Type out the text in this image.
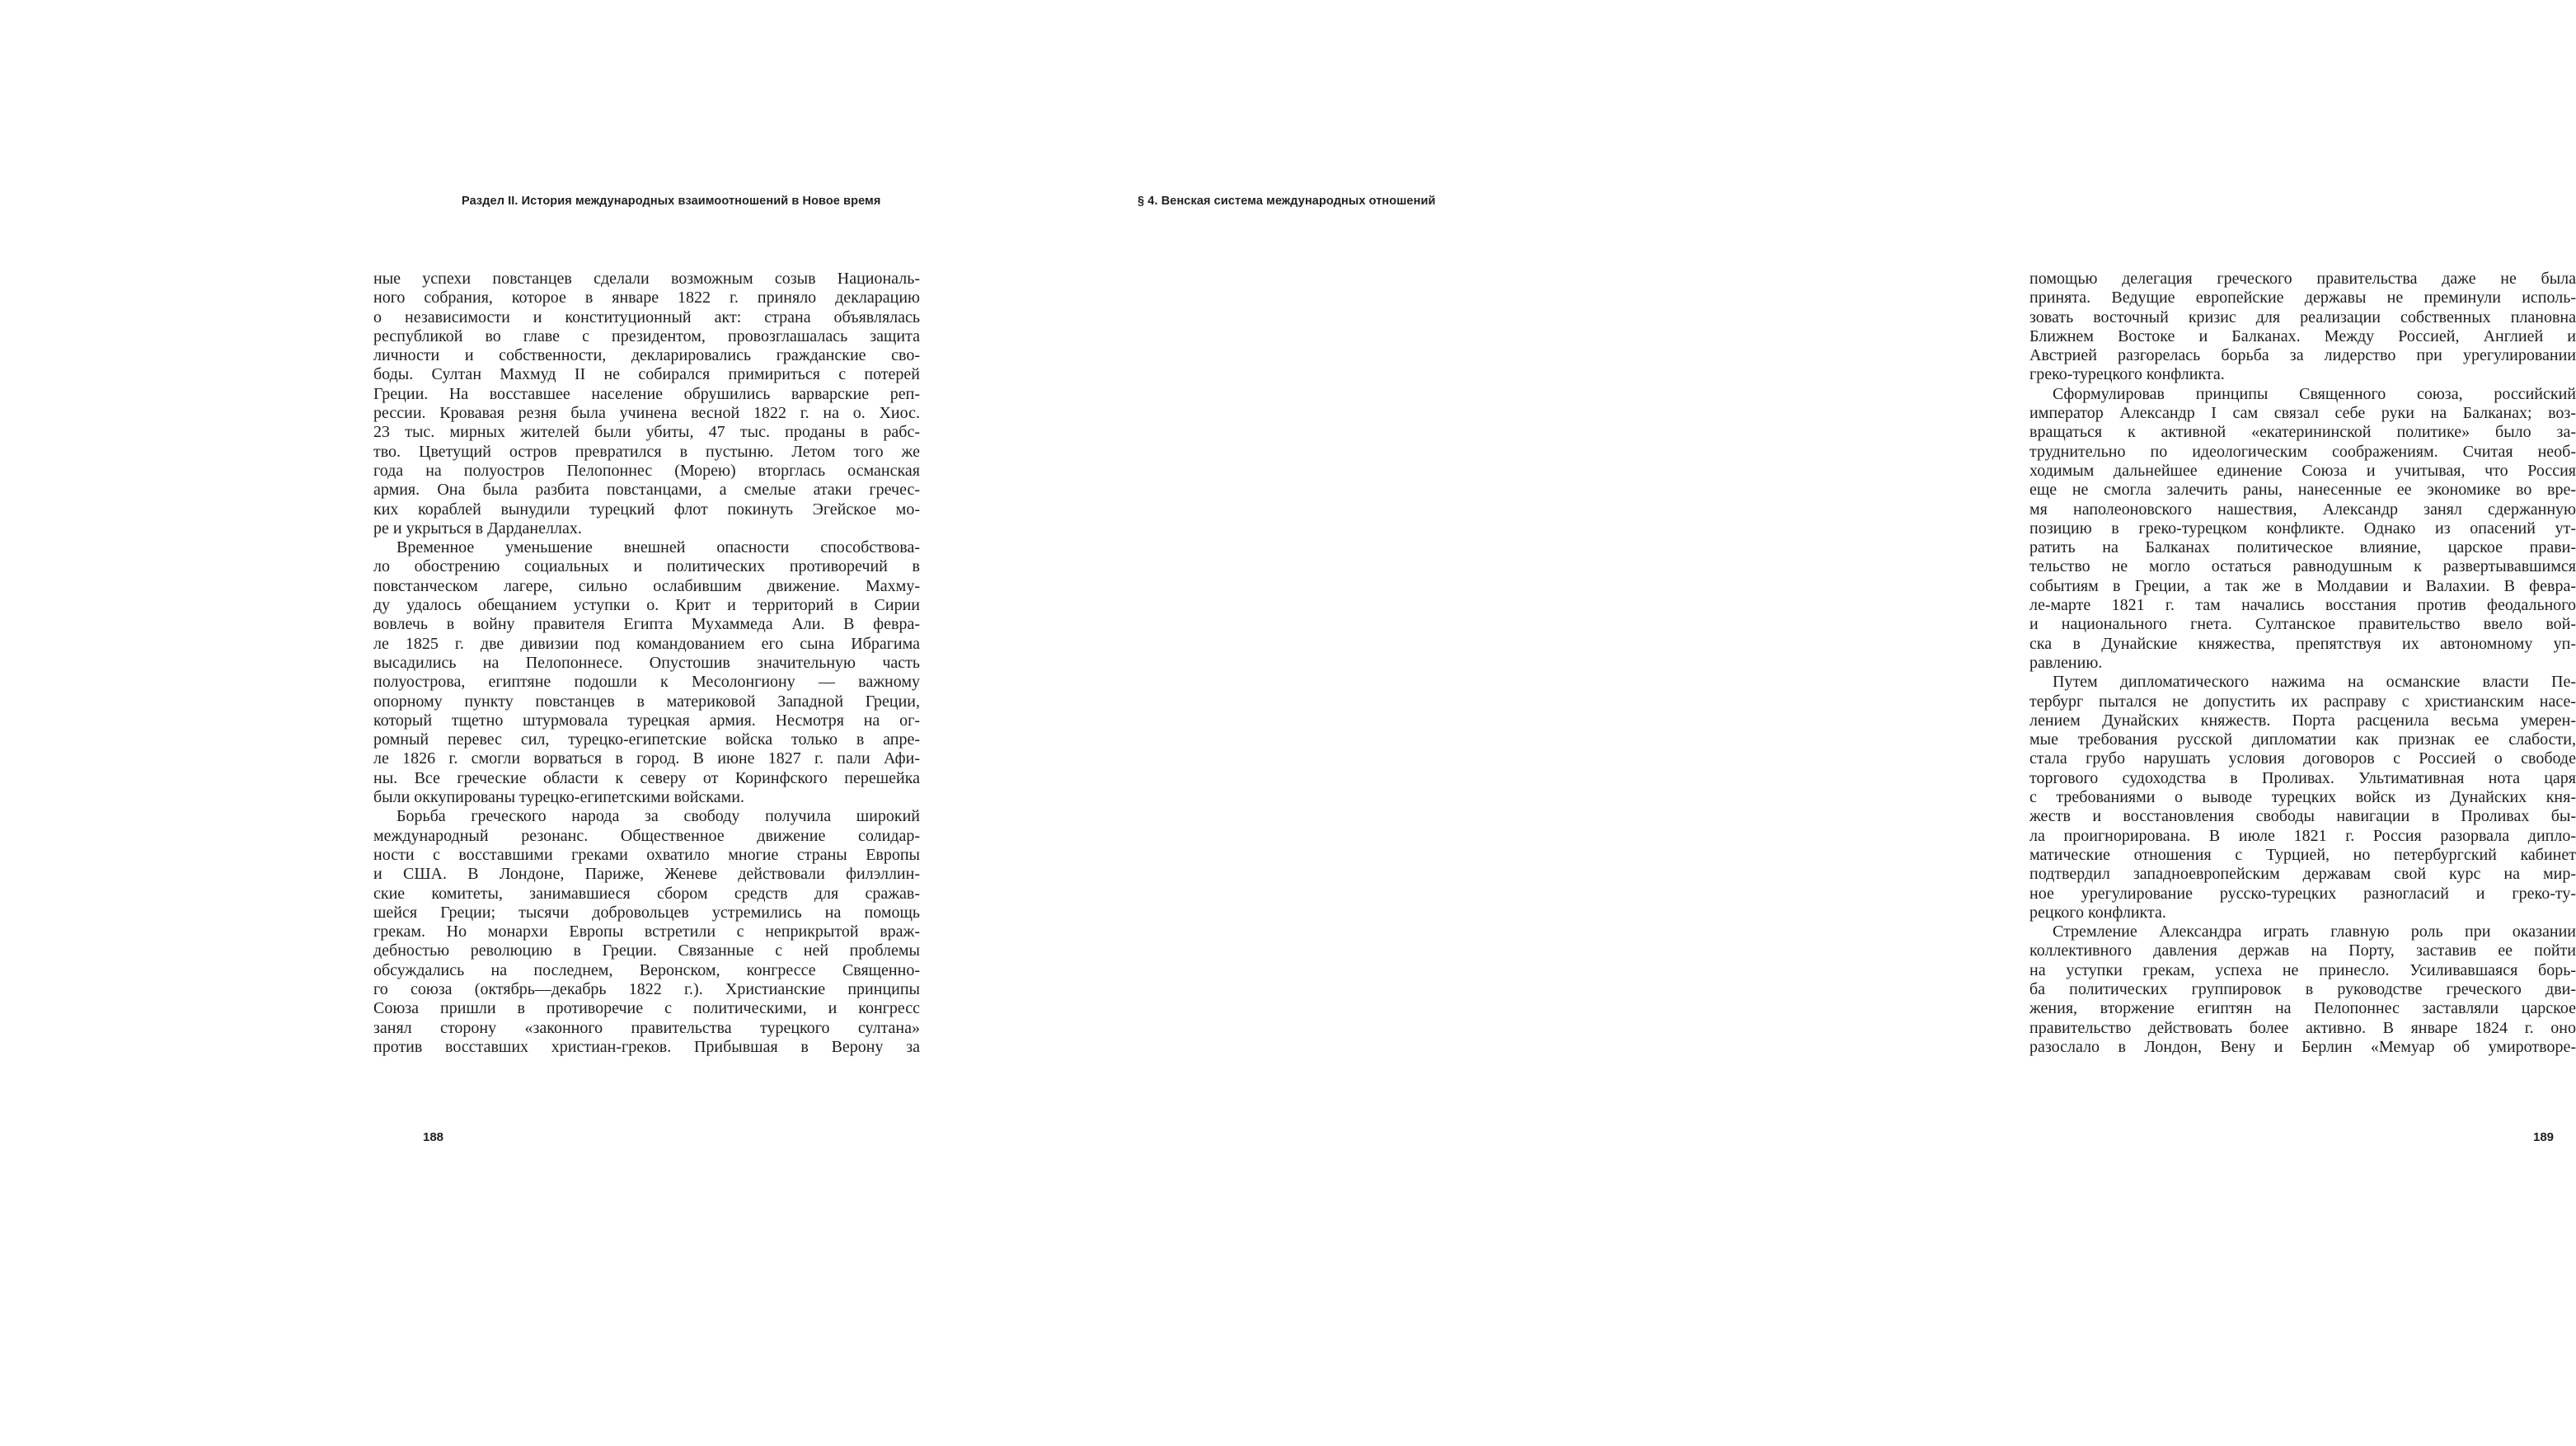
Раздел II. История международных взаимоотношений в Новое время
ные успехи повстанцев сделали возможным созыв Националь-
ного собрания, которое в январе 1822 г. приняло декларацию
о независимости и конституционный акт: страна объявлялась
республикой во главе с президентом, провозглашалась защита
личности и собственности, декларировались гражданские сво-
боды. Султан Махмуд II не собирался примириться с потерей
Греции. На восставшее население обрушились варварские реп-
рессии. Кровавая резня была учинена весной 1822 г. на о. Хиос.
23 тыс. мирных жителей были убиты, 47 тыс. проданы в рабс-
тво. Цветущий остров превратился в пустыню. Летом того же
года на полуостров Пелопоннес (Морею) вторглась османская
армия. Она была разбита повстанцами, а смелые атаки гречес-
ких кораблей вынудили турецкий флот покинуть Эгейское мо-
ре и укрыться в Дарданеллах.
Временное уменьшение внешней опасности способствова-
ло обострению социальных и политических противоречий в
повстанческом лагере, сильно ослабившим движение. Махму-
ду удалось обещанием уступки о. Крит и территорий в Сирии
вовлечь в войну правителя Египта Мухаммеда Али. В февра-
ле 1825 г. две дивизии под командованием его сына Ибрагима
высадились на Пелопоннесе. Опустошив значительную часть
полуострова, египтяне подошли к Месолонгиону — важному
опорному пункту повстанцев в материковой Западной Греции,
который тщетно штурмовала турецкая армия. Несмотря на ог-
ромный перевес сил, турецко-египетские войска только в апре-
ле 1826 г. смогли ворваться в город. В июне 1827 г. пали Афи-
ны. Все греческие области к северу от Коринфского перешейка
были оккупированы турецко-египетскими войсками.
Борьба греческого народа за свободу получила широкий
международный резонанс. Общественное движение солидар-
ности с восставшими греками охватило многие страны Европы
и США. В Лондоне, Париже, Женеве действовали филэллин-
ские комитеты, занимавшиеся сбором средств для сражав-
шейся Греции; тысячи добровольцев устремились на помощь
грекам. Но монархи Европы встретили с неприкрытой враж-
дебностью революцию в Греции. Связанные с ней проблемы
обсуждались на последнем, Веронском, конгрессе Священно-
го союза (октябрь—декабрь 1822 г.). Христианские принципы
Союза пришли в противоречие с политическими, и конгресс
занял сторону «законного правительства турецкого султана»
против восставших христиан-греков. Прибывшая в Верону за
188
§ 4. Венская система международных отношений
помощью делегация греческого правительства даже не была
принята. Ведущие европейские державы не преминули исполь-
зовать восточный кризис для реализации собственных плановна
Ближнем Востоке и Балканах. Между Россией, Англией и
Австрией разгорелась борьба за лидерство при урегулировании
греко-турецкого конфликта.
Сформулировав принципы Священного союза, российский
император Александр I сам связал себе руки на Балканах; воз-
вращаться к активной «екатерининской политике» было за-
труднительно по идеологическим соображениям. Считая необ-
ходимым дальнейшее единение Союза и учитывая, что Россия
еще не смогла залечить раны, нанесенные ее экономике во вре-
мя наполеоновского нашествия, Александр занял сдержанную
позицию в греко-турецком конфликте. Однако из опасений ут-
ратить на Балканах политическое влияние, царское прави-
тельство не могло остаться равнодушным к развертывавшимся
событиям в Греции, а так же в Молдавии и Валахии. В февра-
ле-марте 1821 г. там начались восстания против феодального
и национального гнета. Султанское правительство ввело вой-
ска в Дунайские княжества, препятствуя их автономному уп-
равлению.
Путем дипломатического нажима на османские власти Пе-
тербург пытался не допустить их расправу с христианским насе-
лением Дунайских княжеств. Порта расценила весьма умерен-
мые требования русской дипломатии как признак ее слабости,
стала грубо нарушать условия договоров с Россией о свободе
торгового судоходства в Проливах. Ультимативная нота царя
с требованиями о выводе турецких войск из Дунайских кня-
жеств и восстановления свободы навигации в Проливах бы-
ла проигнорирована. В июле 1821 г. Россия разорвала дипло-
матические отношения с Турцией, но петербургский кабинет
подтвердил западноевропейским державам свой курс на мир-
ное урегулирование русско-турецких разногласий и греко-ту-
рецкого конфликта.
Стремление Александра играть главную роль при оказании
коллективного давления держав на Порту, заставив ее пойти
на уступки грекам, успеха не принесло. Усиливавшаяся борь-
ба политических группировок в руководстве греческого дви-
жения, вторжение египтян на Пелопоннес заставляли царское
правительство действовать более активно. В январе 1824 г. оно
разослало в Лондон, Вену и Берлин «Мемуар об умиротворе-
189
